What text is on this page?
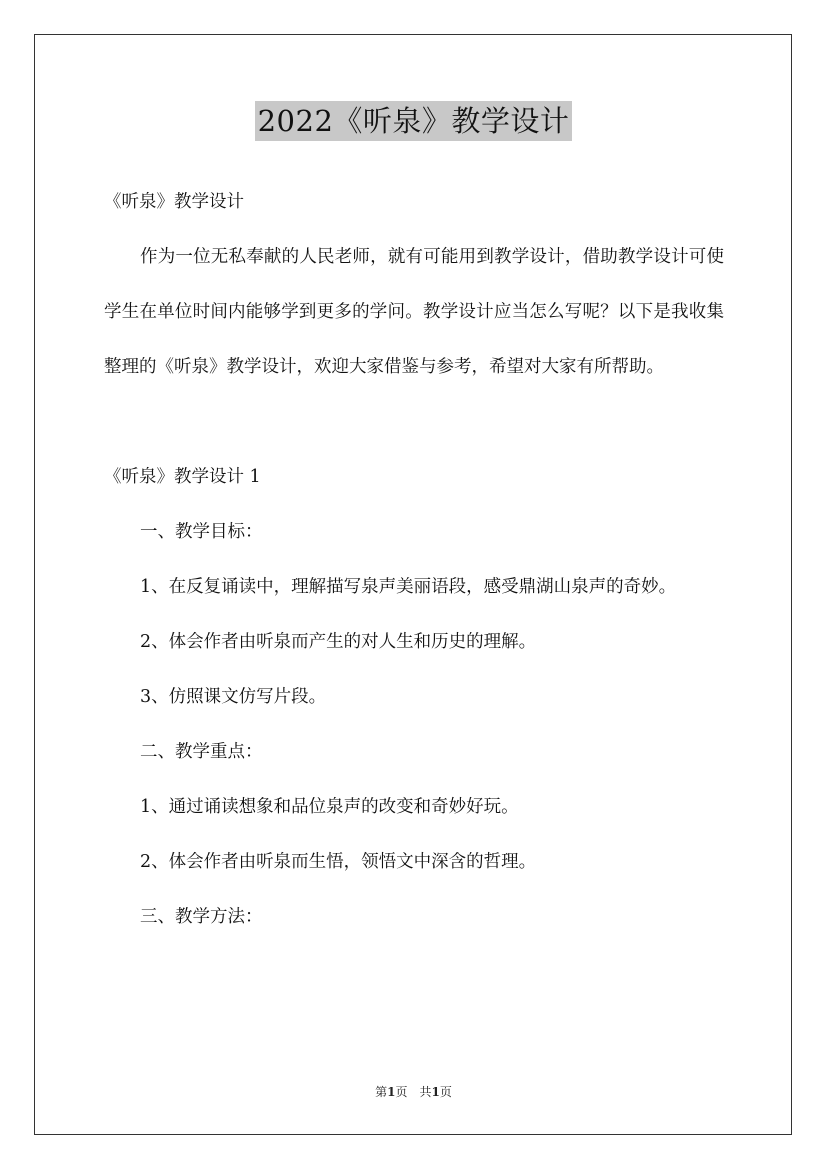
2022《听泉》教学设计

《听泉》教学设计

作为一位无私奉献的人民老师，就有可能用到教学设计，借助教学设计可使学生在单位时间内能够学到更多的学问。教学设计应当怎么写呢？以下是我收集整理的《听泉》教学设计，欢迎大家借鉴与参考，希望对大家有所帮助。

《听泉》教学设计 1

一、教学目标：

1、在反复诵读中，理解描写泉声美丽语段，感受鼎湖山泉声的奇妙。

2、体会作者由听泉而产生的对人生和历史的理解。

3、仿照课文仿写片段。

二、教学重点：

1、通过诵读想象和品位泉声的改变和奇妙好玩。

2、体会作者由听泉而生悟，领悟文中深含的哲理。

三、教学方法：

第1页　共1页
